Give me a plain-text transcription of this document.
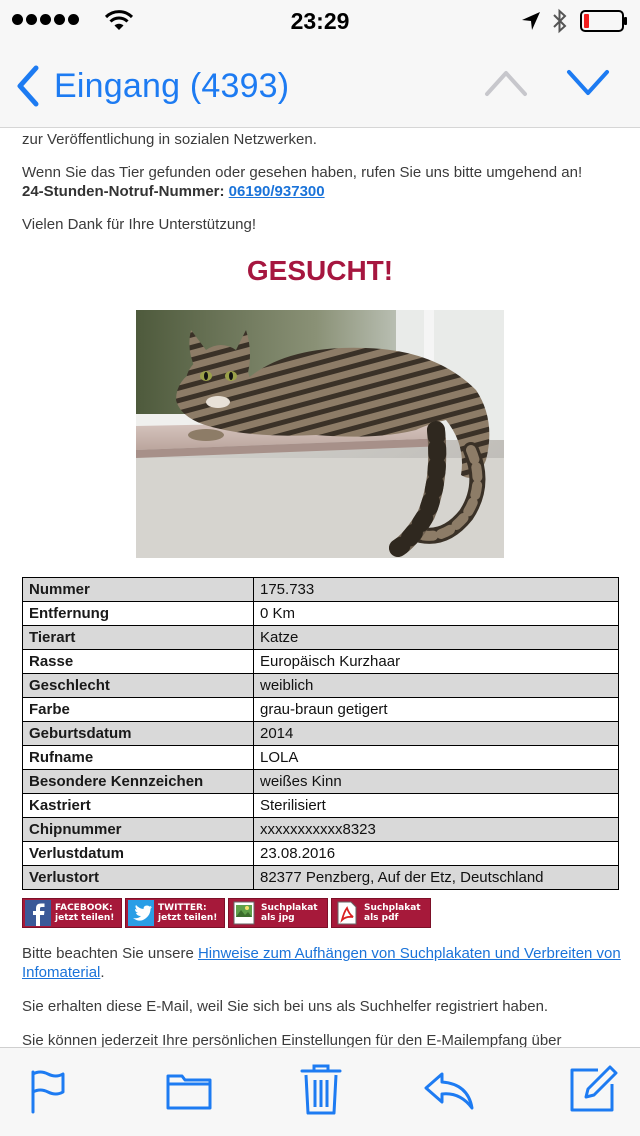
23:29
Eingang (4393)
zur Veröffentlichung in sozialen Netzwerken.
Wenn Sie das Tier gefunden oder gesehen haben, rufen Sie uns bitte umgehend an!
24-Stunden-Notruf-Nummer: 06190/937300
Vielen Dank für Ihre Unterstützung!
GESUCHT!
Nummer	175.733
Entfernung	0 Km
Tierart	Katze
Rasse	Europäisch Kurzhaar
Geschlecht	weiblich
Farbe	grau-braun getigert
Geburtsdatum	2014
Rufname	LOLA
Besondere Kennzeichen	weißes Kinn
Kastriert	Sterilisiert
Chipnummer	xxxxxxxxxxx8323
Verlustdatum	23.08.2016
Verlustort	82377 Penzberg, Auf der Etz, Deutschland
FACEBOOK:
jetzt teilen!
TWITTER:
jetzt teilen!
Suchplakat
als jpg
Suchplakat
als pdf
Bitte beachten Sie unsere Hinweise zum Aufhängen von Suchplakaten und Verbreiten von Infomaterial.
Sie erhalten diese E-Mail, weil Sie sich bei uns als Suchhelfer registriert haben.
Sie können jederzeit Ihre persönlichen Einstellungen für den E-Mailempfang über
